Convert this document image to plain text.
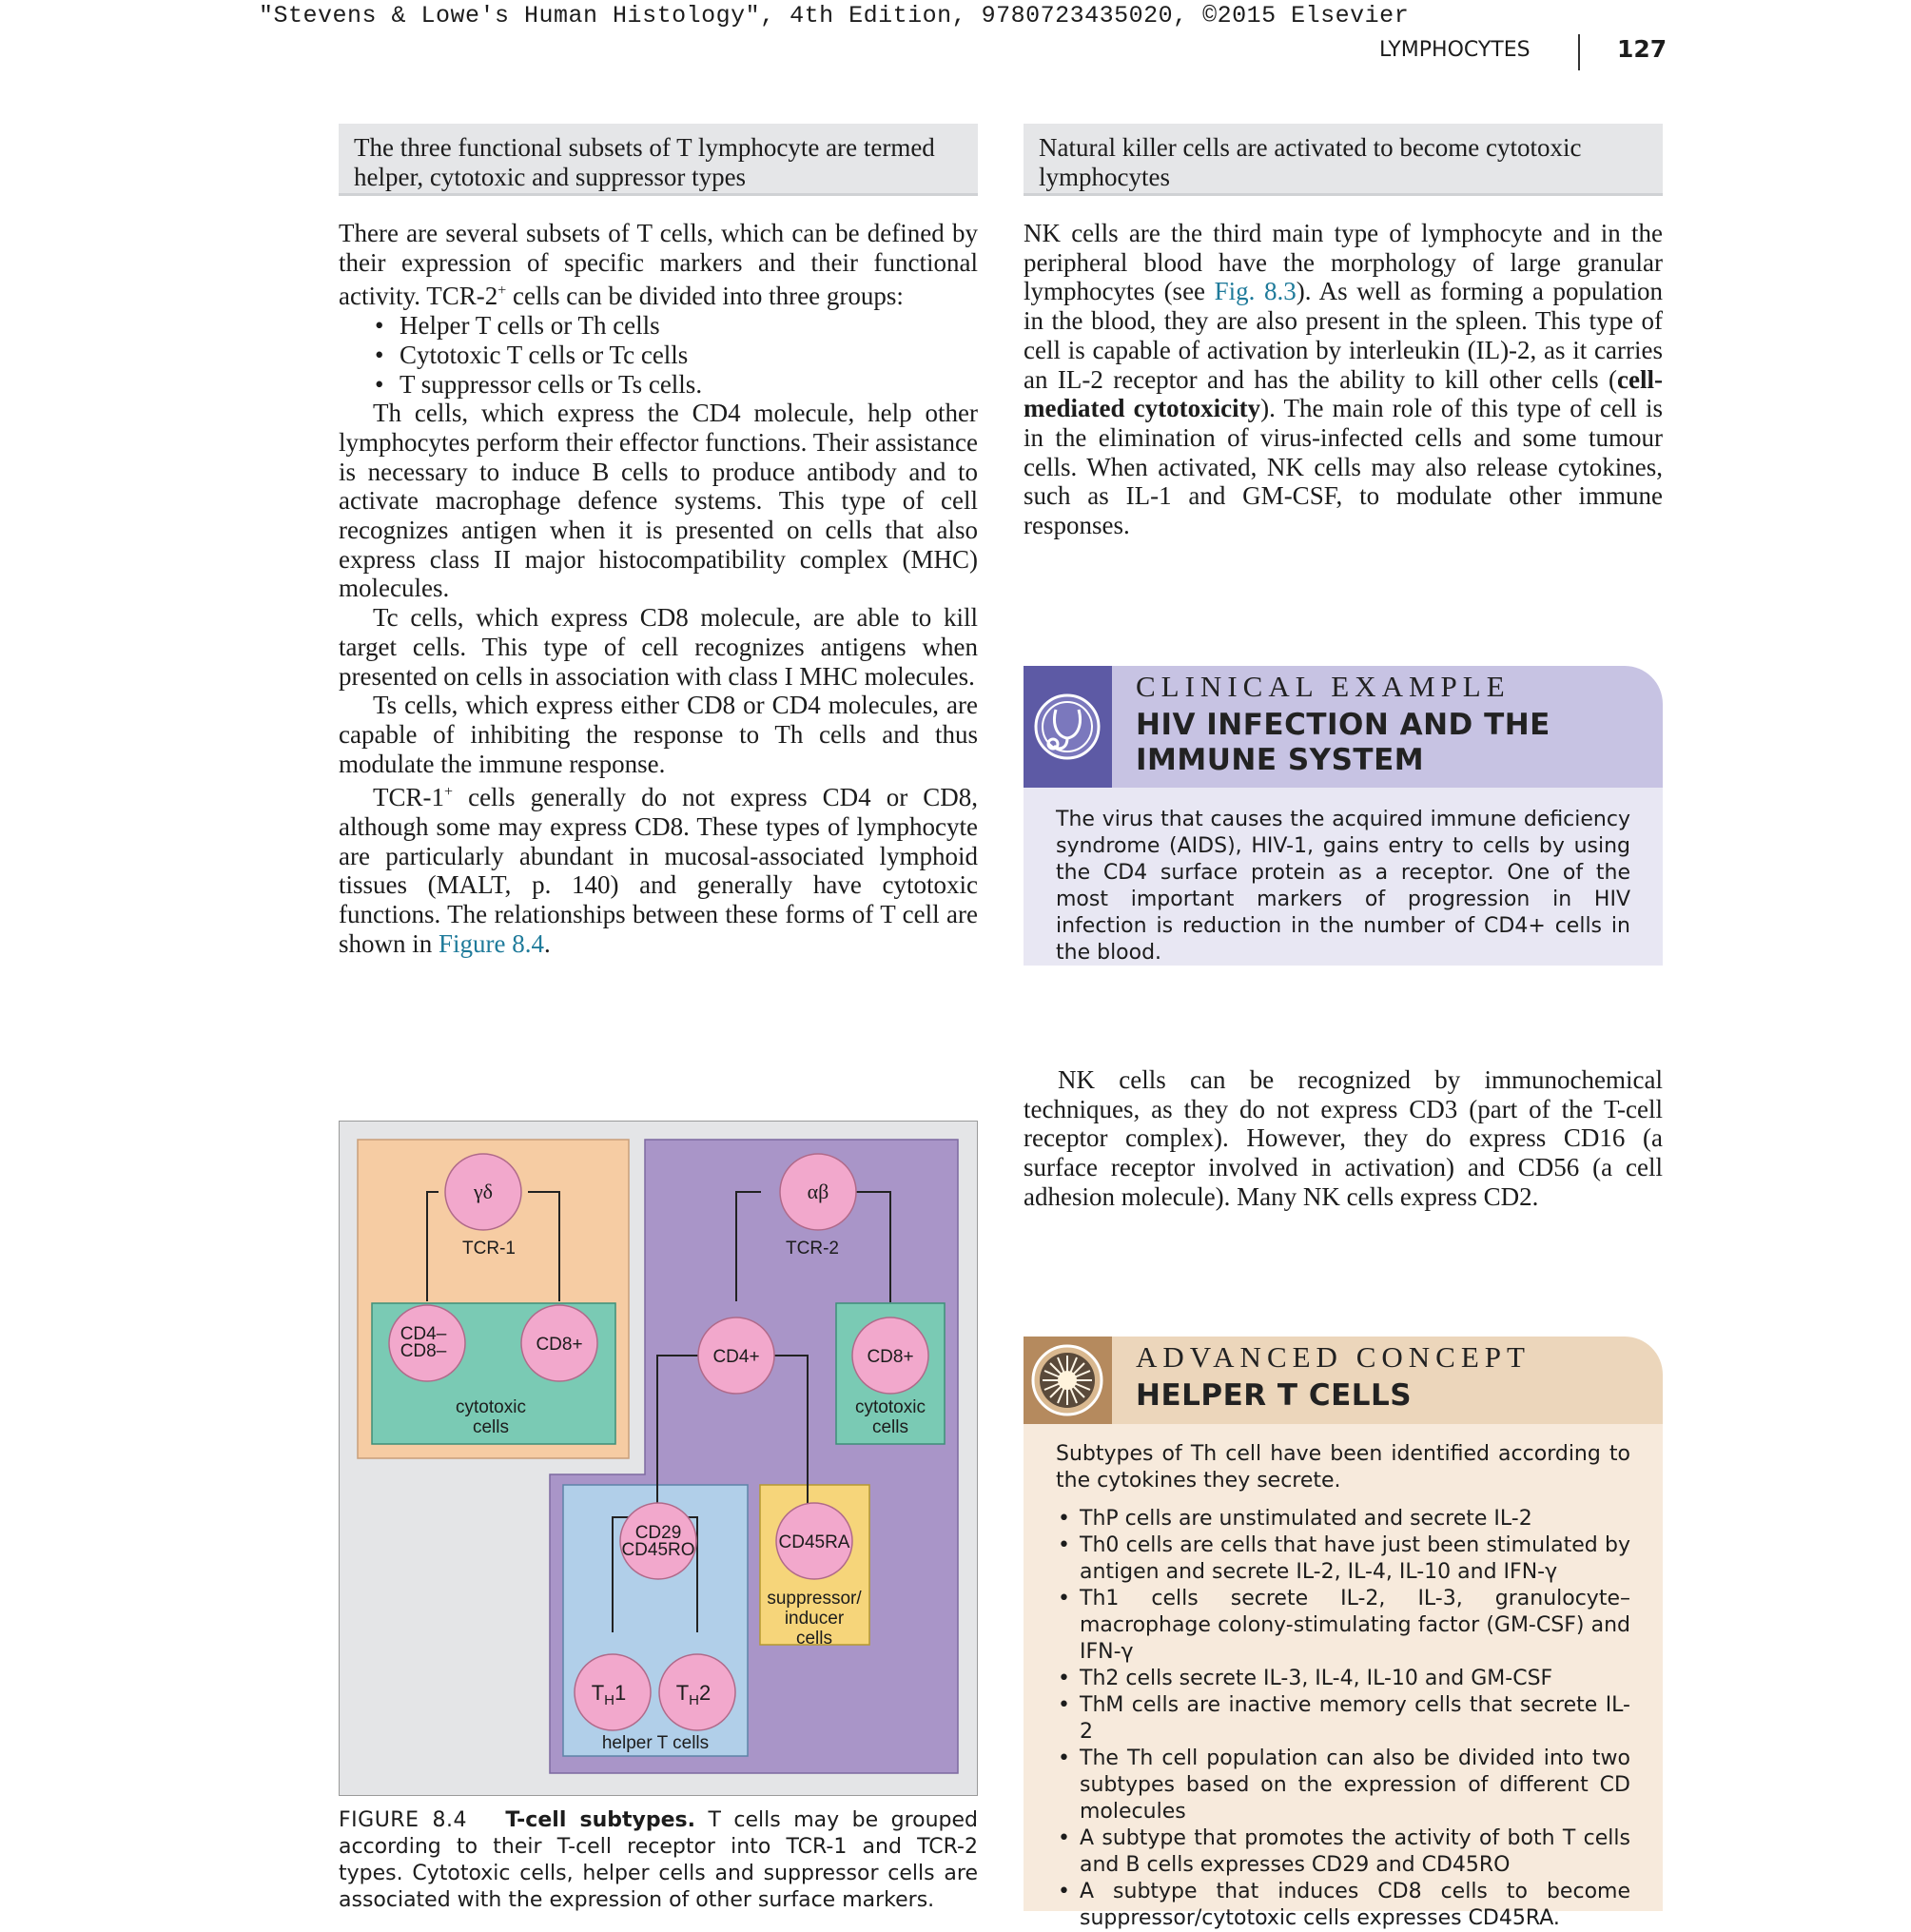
"Stevens & Lowe's Human Histology", 4th Edition, 9780723435020, ©2015 Elsevier
LYMPHOCYTES	127
The three functional subsets of T lymphocyte are termed helper, cytotoxic and suppressor types

There are several subsets of T cells, which can be defined by their expression of specific markers and their functional activity. TCR-2+ cells can be divided into three groups:

• Helper T cells or Th cells
• Cytotoxic T cells or Tc cells
• T suppressor cells or Ts cells.

Th cells, which express the CD4 molecule, help other lymphocytes perform their effector functions. Their assistance is necessary to induce B cells to produce antibody and to activate macrophage defence systems. This type of cell recognizes antigen when it is presented on cells that also express class II major histocompatibility complex (MHC) molecules.

Tc cells, which express CD8 molecule, are able to kill target cells. This type of cell recognizes antigens when presented on cells in association with class I MHC molecules.

Ts cells, which express either CD8 or CD4 molecules, are capable of inhibiting the response to Th cells and thus modulate the immune response.

TCR-1+ cells generally do not express CD4 or CD8, although some may express CD8. These types of lymphocyte are particularly abundant in mucosal-associated lymphoid tissues (MALT, p. 140) and generally have cytotoxic functions. The relationships between these forms of T cell are shown in Figure 8.4.

Natural killer cells are activated to become cytotoxic lymphocytes

NK cells are the third main type of lymphocyte and in the peripheral blood have the morphology of large granular lymphocytes (see Fig. 8.3). As well as forming a population in the blood, they are also present in the spleen. This type of cell is capable of activation by interleukin (IL)-2, as it carries an IL-2 receptor and has the ability to kill other cells (cell-mediated cytotoxicity). The main role of this type of cell is in the elimination of virus-infected cells and some tumour cells. When activated, NK cells may also release cytokines, such as IL-1 and GM-CSF, to modulate other immune responses.

CLINICAL EXAMPLE
HIV INFECTION AND THE IMMUNE SYSTEM

The virus that causes the acquired immune deficiency syndrome (AIDS), HIV-1, gains entry to cells by using the CD4 surface protein as a receptor. One of the most important markers of progression in HIV infection is reduction in the number of CD4+ cells in the blood.

NK cells can be recognized by immunochemical techniques, as they do not express CD3 (part of the T-cell receptor complex). However, they do express CD16 (a surface receptor involved in activation) and CD56 (a cell adhesion molecule). Many NK cells express CD2.

ADVANCED CONCEPT
HELPER T CELLS

Subtypes of Th cell have been identified according to the cytokines they secrete.

• ThP cells are unstimulated and secrete IL-2
• Th0 cells are cells that have just been stimulated by antigen and secrete IL-2, IL-4, IL-10 and IFN-γ
• Th1 cells secrete IL-2, IL-3, granulocyte–macrophage colony-stimulating factor (GM-CSF) and IFN-γ
• Th2 cells secrete IL-3, IL-4, IL-10 and GM-CSF
• ThM cells are inactive memory cells that secrete IL-2
• The Th cell population can also be divided into two subtypes based on the expression of different CD molecules
• A subtype that promotes the activity of both T cells and B cells expresses CD29 and CD45RO
• A subtype that induces CD8 cells to become suppressor/cytotoxic cells expresses CD45RA.
γδ
TCR-1
αβ
TCR-2
CD4–
CD8–	CD8+
cytotoxic
cells
CD4+	CD8+
cytotoxic
cells
CD29
CD45RO	CD45RA
suppressor/
inducer
cells
$T_H1$ $T_H2$
helper T cells
FIGURE 8.4 T-cell subtypes. T cells may be grouped according to their T-cell receptor into TCR-1 and TCR-2 types. Cytotoxic cells, helper cells and suppressor cells are associated with the expression of other surface markers.
